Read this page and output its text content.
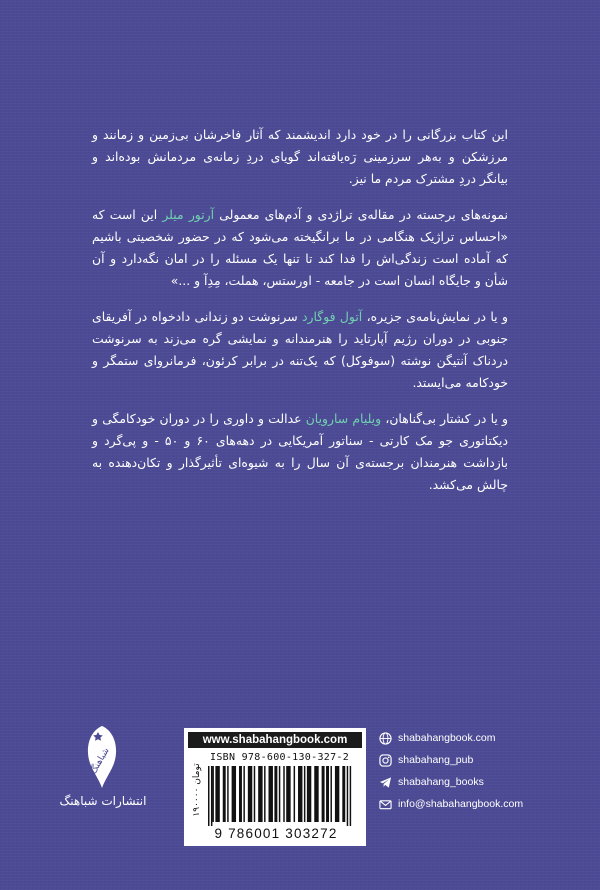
این کتاب بزرگانی را در خود دارد اندیشمند که آثار فاخرشان بی‌زمین و زمانند و مرزشکن و به‌هر سرزمینی رَه‌یافته‌اند گویای دردِ زمانه‌ی مردمانش بوده‌اند و بیانگر دردِ مشترک مردم ما نیز.

نمونه‌های برجسته در مقاله‌ی تراژدی و آدم‌های معمولی آرتور میلر این است که «احساس تراژیک هنگامی در ما برانگیخته می‌شود که در حضور شخصیتی باشیم که آماده است زندگی‌اش را فدا کند تا تنها یک مسئله را در امان نگه‌دارد و آن شأن و جایگاه انسان است در جامعه - اورستس، هملت، مِدِآ و ...»

و یا در نمایش‌نامه‌ی جزیره، آتول فوگارد سرنوشت دو زندانی دادخواه در آفریقای جنوبی در دوران رژیم آپارتاید را هنرمندانه و نمایشی گره می‌زند به سرنوشت دردناک آنتیگن نوشته (سوفوکل) که یک‌تنه در برابر کرئون، فرمانروای ستمگر و خودکامه می‌ایستد.

و یا در کشتار بی‌گناهان، ویلیام سارویان عدالت و داوری را در دوران خودکامگی و دیکتاتوری جو مک کارتی - سناتور آمریکایی در دهه‌های ۶۰ و ۵۰ - و پی‌گرد و بازداشت هنرمندان برجسته‌ی آن سال را به شیوه‌ای تأثیرگذار و تکان‌دهنده به چالش می‌کشد.

شباهنگ
انتشارات شباهنگ
www.shabahangbook.com
۱۹۰۰۰۰ تومان
ISBN 978-600-130-327-2
9 786001 303272
shabahangbook.com
shabahang_pub
shabahang_books
info@shabahangbook.com
